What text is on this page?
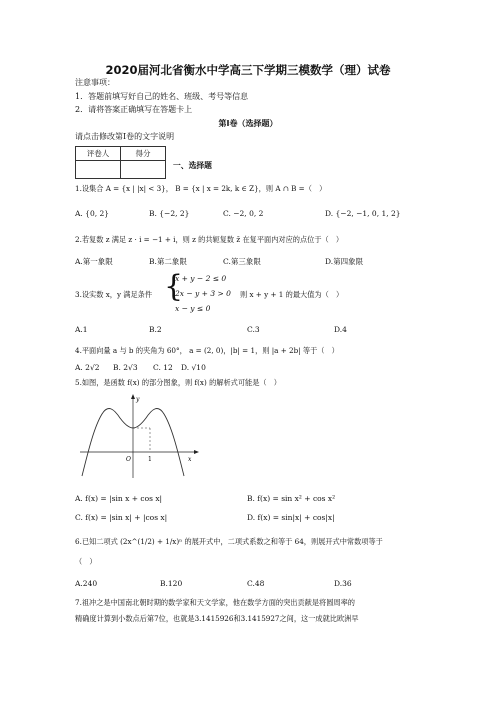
2020届河北省衡水中学高三下学期三模数学（理）试卷
注意事项：
1．答题前填写好自己的姓名、班级、考号等信息
2．请将答案正确填写在答题卡上
第I卷（选择题）
请点击修改第I卷的文字说明
评卷人	得分

一、选择题
1.设集合 A = {x | |x| < 3}， B = {x | x = 2k, k ∈ Z}，则 A ∩ B =（　）
A. {0, 2}	B. {−2, 2}	C. −2, 0, 2	D. {−2, −1, 0, 1, 2}
2.若复数 z 满足 z · i = −1 + i，则 z 的共轭复数 z̄ 在复平面内对应的点位于（　）
A.第一象限	B.第二象限	C.第三象限	D.第四象限
3.设实数 x，y 满足条件 {
x + y − 2 ≤ 0
2x − y + 3 > 0
x − y ≤ 0
则 x + y + 1 的最大值为（　）
A.1	B.2	C.3	D.4
4.平面向量 a 与 b 的夹角为 60°， a = (2, 0)，|b| = 1，则 |a + 2b| 等于（　）
A. 2√2 B. 2√3 C. 12 D. √10
5.如图，是函数 f(x) 的部分图象，则 f(x) 的解析式可能是（　）
y
x
O	1
A. f(x) = |sin x + cos x|	B. f(x) = sin x² + cos x²
C. f(x) = |sin x| + |cos x|	D. f(x) = sin|x| + cos|x|
6.已知二项式 (2x^(1/2) + 1/x)ⁿ 的展开式中，二项式系数之和等于 64，则展开式中常数项等于
（　）
A.240	B.120	C.48	D.36
7.祖冲之是中国南北朝时期的数学家和天文学家，他在数学方面的突出贡献是将圆周率的
精确度计算到小数点后第7位，也就是3.1415926和3.1415927之间，这一成就比欧洲早
